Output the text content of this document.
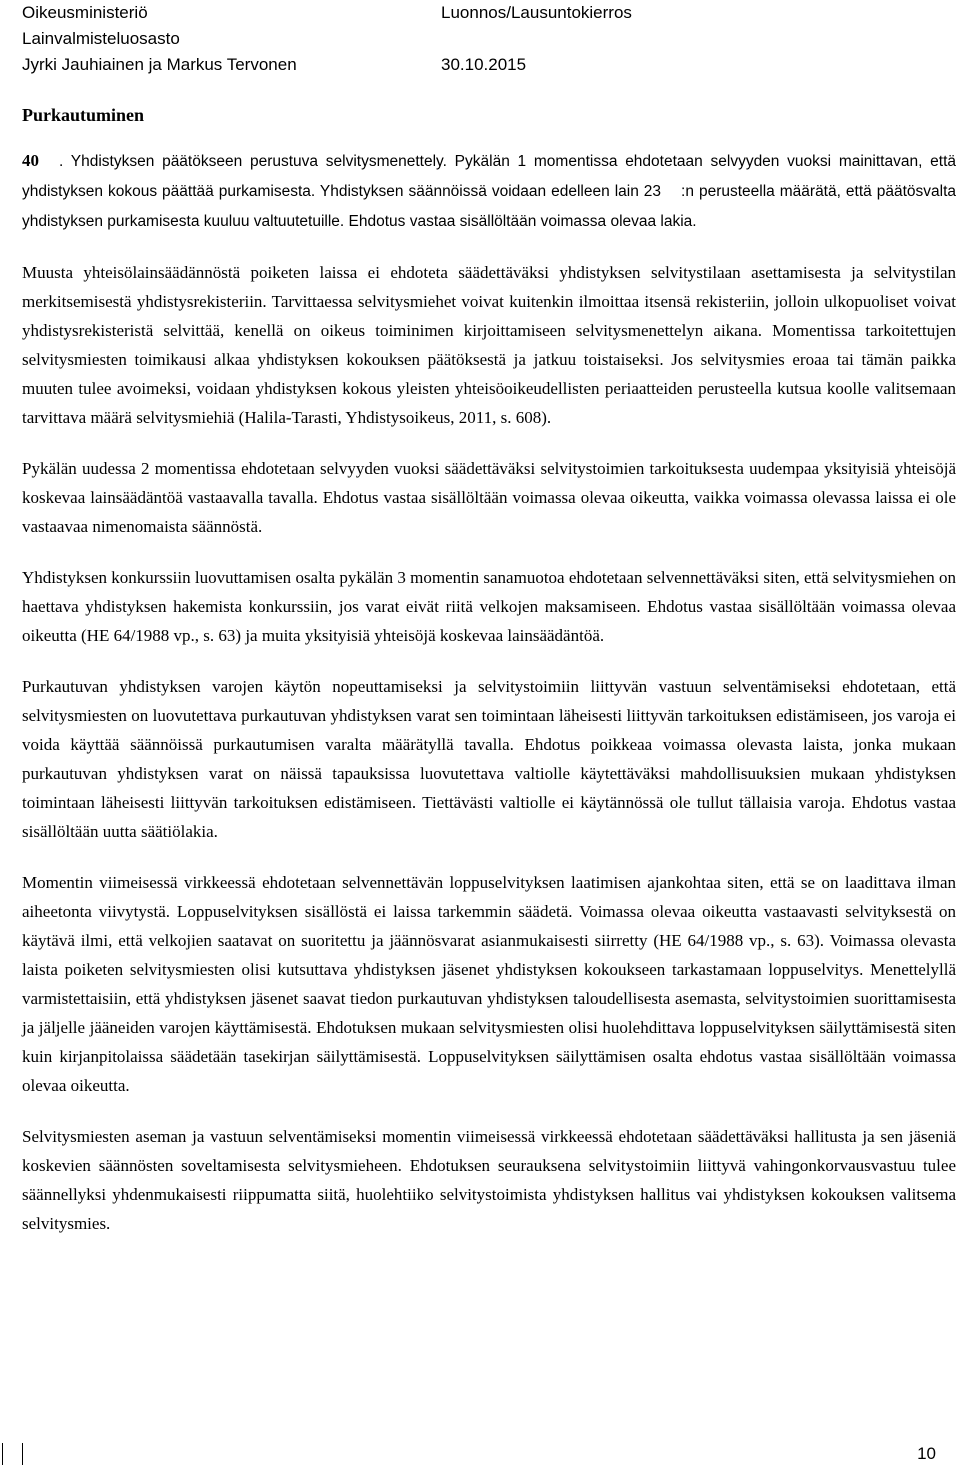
Oikeusministeriö	Luonnos/Lausuntokierros
Lainvalmisteluosasto
Jyrki Jauhiainen ja Markus Tervonen	30.10.2015
Purkautuminen

40 . Yhdistyksen päätökseen perustuva selvitysmenettely. Pykälän 1 momentissa ehdotetaan selvyyden vuoksi mainittavan, että yhdistyksen kokous päättää purkamisesta. Yhdistyksen säännöissä voidaan edelleen lain 23 :n perusteella määrätä, että päätösvalta yhdistyksen purkamisesta kuuluu valtuutetuille. Ehdotus vastaa sisällöltään voimassa olevaa lakia.

Muusta yhteisölainsäädännöstä poiketen laissa ei ehdoteta säädettäväksi yhdistyksen selvitystilaan asettamisesta ja selvitystilan merkitsemisestä yhdistysrekisteriin. Tarvittaessa selvitysmiehet voivat kuitenkin ilmoittaa itsensä rekisteriin, jolloin ulkopuoliset voivat yhdistysrekisteristä selvittää, kenellä on oikeus toiminimen kirjoittamiseen selvitysmenettelyn aikana. Momentissa tarkoitettujen selvitysmiesten toimikausi alkaa yhdistyksen kokouksen päätöksestä ja jatkuu toistaiseksi. Jos selvitysmies eroaa tai tämän paikka muuten tulee avoimeksi, voidaan yhdistyksen kokous yleisten yhteisöoikeudellisten periaatteiden perusteella kutsua koolle valitsemaan tarvittava määrä selvitysmiehiä (Halila-Tarasti, Yhdistysoikeus, 2011, s. 608).

Pykälän uudessa 2 momentissa ehdotetaan selvyyden vuoksi säädettäväksi selvitystoimien tarkoituksesta uudempaa yksityisiä yhteisöjä koskevaa lainsäädäntöä vastaavalla tavalla. Ehdotus vastaa sisällöltään voimassa olevaa oikeutta, vaikka voimassa olevassa laissa ei ole vastaavaa nimenomaista säännöstä.

Yhdistyksen konkurssiin luovuttamisen osalta pykälän 3 momentin sanamuotoa ehdotetaan selvennettäväksi siten, että selvitysmiehen on haettava yhdistyksen hakemista konkurssiin, jos varat eivät riitä velkojen maksamiseen. Ehdotus vastaa sisällöltään voimassa olevaa oikeutta (HE 64/1988 vp., s. 63) ja muita yksityisiä yhteisöjä koskevaa lainsäädäntöä.

Purkautuvan yhdistyksen varojen käytön nopeuttamiseksi ja selvitystoimiin liittyvän vastuun selventämiseksi ehdotetaan, että selvitysmiesten on luovutettava purkautuvan yhdistyksen varat sen toimintaan läheisesti liittyvän tarkoituksen edistämiseen, jos varoja ei voida käyttää säännöissä purkautumisen varalta määrätyllä tavalla. Ehdotus poikkeaa voimassa olevasta laista, jonka mukaan purkautuvan yhdistyksen varat on näissä tapauksissa luovutettava valtiolle käytettäväksi mahdollisuuksien mukaan yhdistyksen toimintaan läheisesti liittyvän tarkoituksen edistämiseen. Tiettävästi valtiolle ei käytännössä ole tullut tällaisia varoja. Ehdotus vastaa sisällöltään uutta säätiölakia.

Momentin viimeisessä virkkeessä ehdotetaan selvennettävän loppuselvityksen laatimisen ajankohtaa siten, että se on laadittava ilman aiheetonta viivytystä. Loppuselvityksen sisällöstä ei laissa tarkemmin säädetä. Voimassa olevaa oikeutta vastaavasti selvityksestä on käytävä ilmi, että velkojien saatavat on suoritettu ja jäännösvarat asianmukaisesti siirretty (HE 64/1988 vp., s. 63). Voimassa olevasta laista poiketen selvitysmiesten olisi kutsuttava yhdistyksen jäsenet yhdistyksen kokoukseen tarkastamaan loppuselvitys. Menettelyllä varmistettaisiin, että yhdistyksen jäsenet saavat tiedon purkautuvan yhdistyksen taloudellisesta asemasta, selvitystoimien suorittamisesta ja jäljelle jääneiden varojen käyttämisestä. Ehdotuksen mukaan selvitysmiesten olisi huolehdittava loppuselvityksen säilyttämisestä siten kuin kirjanpitolaissa säädetään tasekirjan säilyttämisestä. Loppuselvityksen säilyttämisen osalta ehdotus vastaa sisällöltään voimassa olevaa oikeutta.

Selvitysmiesten aseman ja vastuun selventämiseksi momentin viimeisessä virkkeessä ehdotetaan säädettäväksi hallitusta ja sen jäseniä koskevien säännösten soveltamisesta selvitysmieheen. Ehdotuksen seurauksena selvitystoimiin liittyvä vahingonkorvausvastuu tulee säännellyksi yhdenmukaisesti riippumatta siitä, huolehtiiko selvitystoimista yhdistyksen hallitus vai yhdistyksen kokouksen valitsema selvitysmies.

10
